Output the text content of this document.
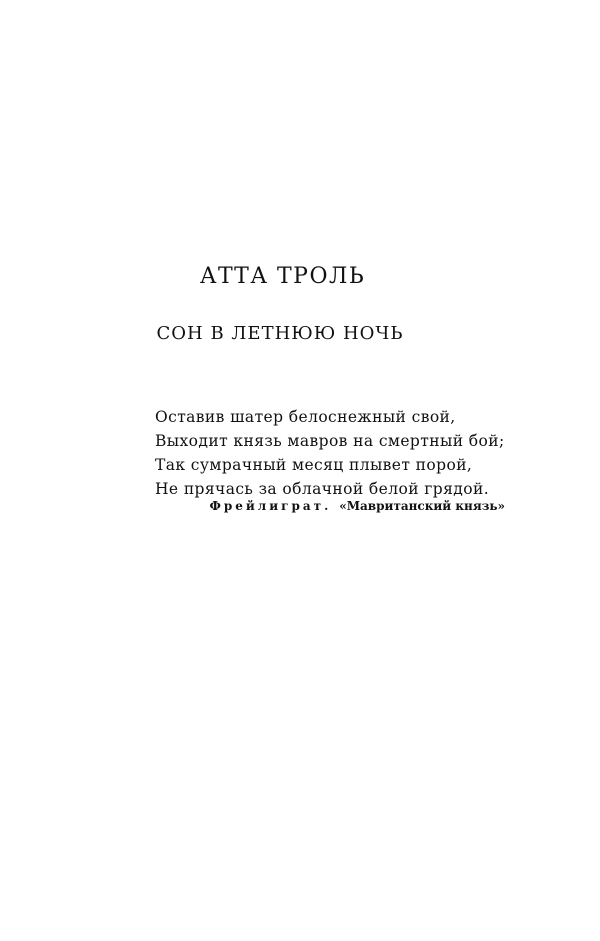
АТТА ТРОЛЬ
СОН В ЛЕТНЮЮ НОЧЬ
Оставив шатер белоснежный свой,
Выходит князь мавров на смертный бой;
Так сумрачный месяц плывет порой,
Не прячась за облачной белой грядой.
Фрейлиграт. «Мавританский князь»
